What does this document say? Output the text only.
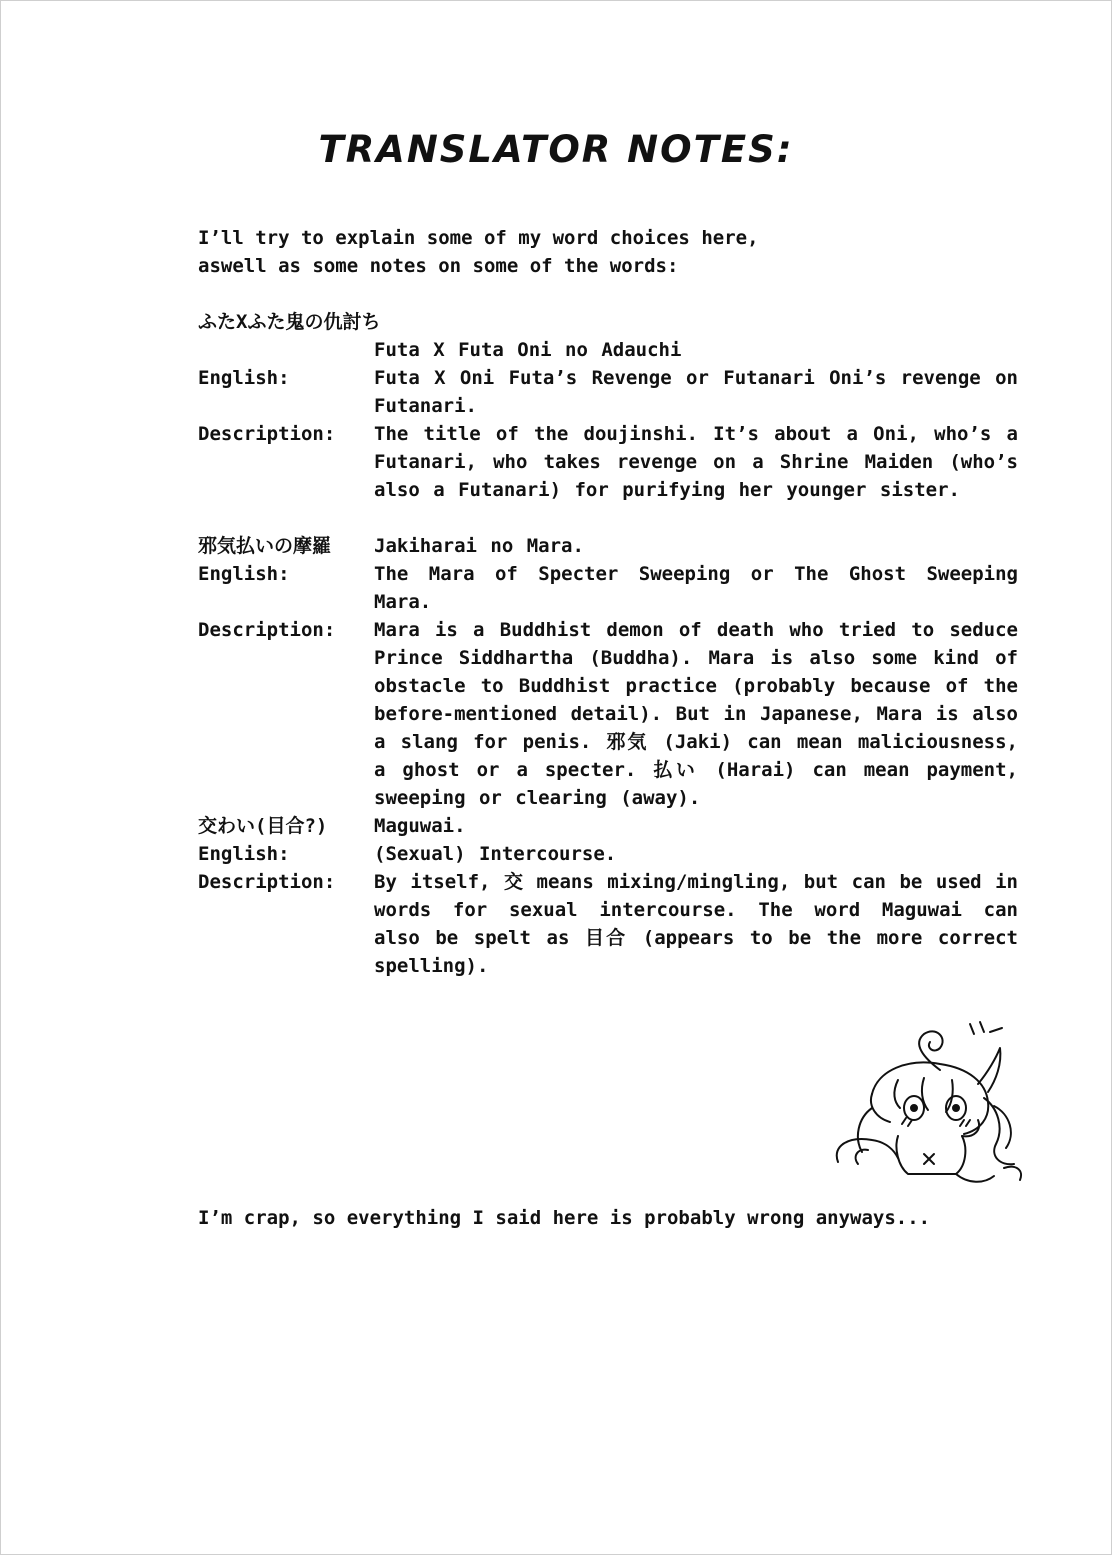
TRANSLATOR NOTES:
I’ll try to explain some of my word choices here,
aswell as some notes on some of the words:
ふたXふた鬼の仇討ち
Futa X Futa Oni no Adauchi
English:	Futa X Oni Futa’s Revenge or Futanari Oni’s revenge on Futanari.
Description:	The title of the doujinshi. It’s about a Oni, who’s a Futanari, who takes revenge on a Shrine Maiden (who’s also a Futanari) for purifying her younger sister.
邪気払いの摩羅	Jakiharai no Mara.
English:	The Mara of Specter Sweeping or The Ghost Sweeping Mara.
Description:	Mara is a Buddhist demon of death who tried to seduce Prince Siddhartha (Buddha). Mara is also some kind of obstacle to Buddhist practice (probably because of the before-mentioned detail). But in Japanese, Mara is also a slang for penis. 邪気 (Jaki) can mean maliciousness, a ghost or a specter. 払い (Harai) can mean payment, sweeping or clearing (away).
交わい(目合?)	Maguwai.
English:	(Sexual) Intercourse.
Description:	By itself, 交 means mixing/mingling, but can be used in words for sexual intercourse. The word Maguwai can also be spelt as 目合 (appears to be the more correct spelling).
I’m crap, so everything I said here is probably wrong anyways...
